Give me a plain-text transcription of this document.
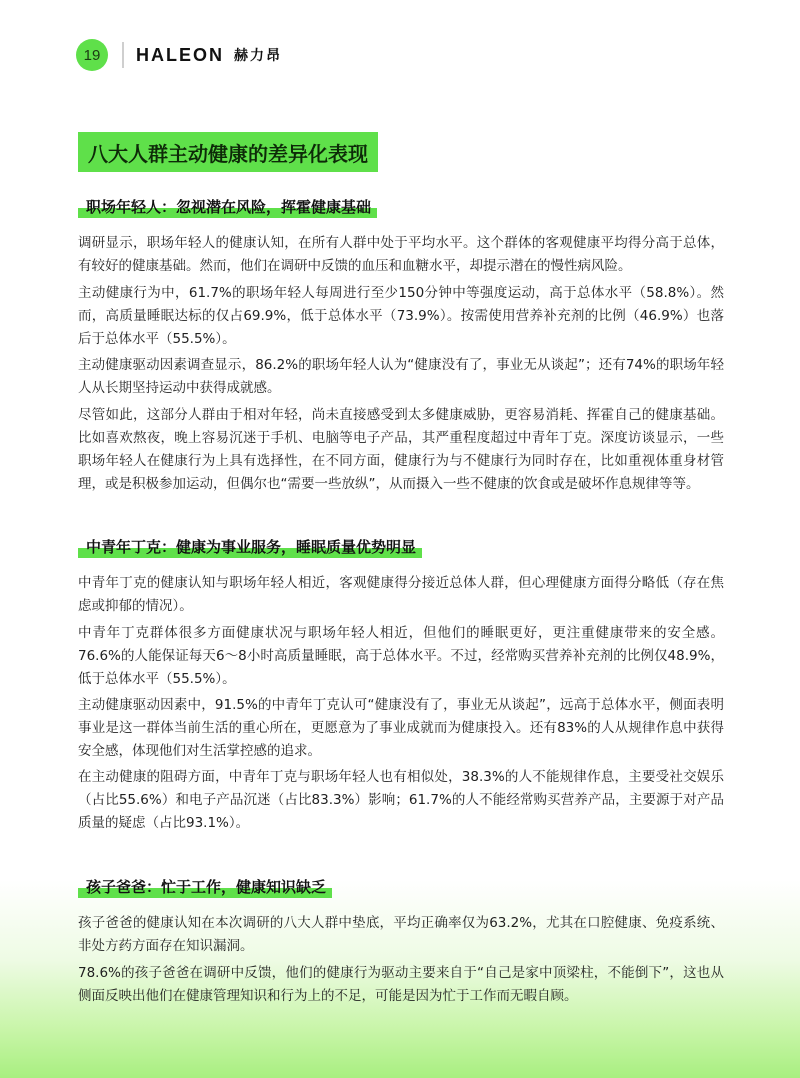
19	HALEON 赫力昂
八大人群主动健康的差异化表现
职场年轻人：忽视潜在风险，挥霍健康基础

调研显示，职场年轻人的健康认知，在所有人群中处于平均水平。这个群体的客观健康平均得分高于总体，有较好的健康基础。然而，他们在调研中反馈的血压和血糖水平，却提示潜在的慢性病风险。

主动健康行为中，61.7%的职场年轻人每周进行至少150分钟中等强度运动，高于总体水平（58.8%）。然而，高质量睡眠达标的仅占69.9%，低于总体水平（73.9%）。按需使用营养补充剂的比例（46.9%）也落后于总体水平（55.5%）。

主动健康驱动因素调查显示，86.2%的职场年轻人认为“健康没有了，事业无从谈起”；还有74%的职场年轻人从长期坚持运动中获得成就感。

尽管如此，这部分人群由于相对年轻，尚未直接感受到太多健康威胁，更容易消耗、挥霍自己的健康基础。比如喜欢熬夜，晚上容易沉迷于手机、电脑等电子产品，其严重程度超过中青年丁克。深度访谈显示，一些职场年轻人在健康行为上具有选择性，在不同方面，健康行为与不健康行为同时存在，比如重视体重身材管理，或是积极参加运动，但偶尔也“需要一些放纵”，从而摄入一些不健康的饮食或是破坏作息规律等等。

中青年丁克：健康为事业服务，睡眠质量优势明显

中青年丁克的健康认知与职场年轻人相近，客观健康得分接近总体人群，但心理健康方面得分略低（存在焦虑或抑郁的情况）。

中青年丁克群体很多方面健康状况与职场年轻人相近，但他们的睡眠更好，更注重健康带来的安全感。76.6%的人能保证每天6～8小时高质量睡眠，高于总体水平。不过，经常购买营养补充剂的比例仅48.9%，低于总体水平（55.5%）。

主动健康驱动因素中，91.5%的中青年丁克认可“健康没有了，事业无从谈起”，远高于总体水平，侧面表明事业是这一群体当前生活的重心所在，更愿意为了事业成就而为健康投入。还有83%的人从规律作息中获得安全感，体现他们对生活掌控感的追求。

在主动健康的阻碍方面，中青年丁克与职场年轻人也有相似处，38.3%的人不能规律作息，主要受社交娱乐（占比55.6%）和电子产品沉迷（占比83.3%）影响；61.7%的人不能经常购买营养产品，主要源于对产品质量的疑虑（占比93.1%）。

孩子爸爸：忙于工作，健康知识缺乏

孩子爸爸的健康认知在本次调研的八大人群中垫底，平均正确率仅为63.2%，尤其在口腔健康、免疫系统、非处方药方面存在知识漏洞。

78.6%的孩子爸爸在调研中反馈，他们的健康行为驱动主要来自于“自己是家中顶梁柱，不能倒下”，这也从侧面反映出他们在健康管理知识和行为上的不足，可能是因为忙于工作而无暇自顾。
